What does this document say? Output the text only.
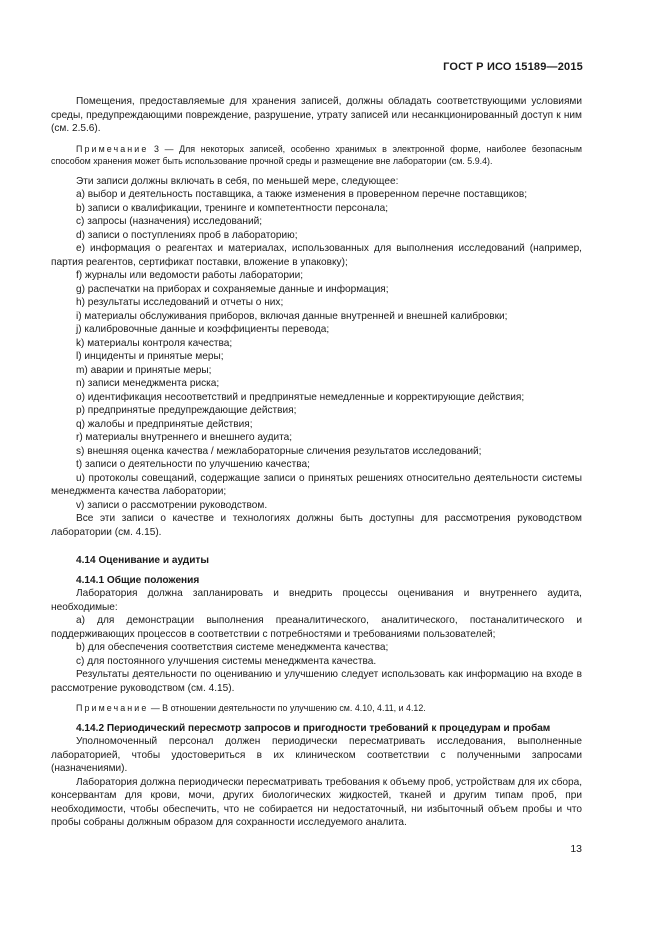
ГОСТ Р ИСО 15189—2015

Помещения, предоставляемые для хранения записей, должны обладать соответствующими условиями среды, предупреждающими повреждение, разрушение, утрату записей или несанкционированный доступ к ним (см. 2.5.6).

Примечание 3 — Для некоторых записей, особенно хранимых в электронной форме, наиболее безопасным способом хранения может быть использование прочной среды и размещение вне лаборатории (см. 5.9.4).

Эти записи должны включать в себя, по меньшей мере, следующее:

a) выбор и деятельность поставщика, а также изменения в проверенном перечне поставщиков;

b) записи о квалификации, тренинге и компетентности персонала;

c) запросы (назначения) исследований;

d) записи о поступлениях проб в лабораторию;

e) информация о реагентах и материалах, использованных для выполнения исследований (например, партия реагентов, сертификат поставки, вложение в упаковку);

f) журналы или ведомости работы лаборатории;

g) распечатки на приборах и сохраняемые данные и информация;

h) результаты исследований и отчеты о них;

i) материалы обслуживания приборов, включая данные внутренней и внешней калибровки;

j) калибровочные данные и коэффициенты перевода;

k) материалы контроля качества;

l) инциденты и принятые меры;

m) аварии и принятые меры;

n) записи менеджмента риска;

o) идентификация несоответствий и предпринятые немедленные и корректирующие действия;

p) предпринятые предупреждающие действия;

q) жалобы и предпринятые действия;

r) материалы внутреннего и внешнего аудита;

s) внешняя оценка качества / межлабораторные сличения результатов исследований;

t) записи о деятельности по улучшению качества;

u) протоколы совещаний, содержащие записи о принятых решениях относительно деятельности системы менеджмента качества лаборатории;

v) записи о рассмотрении руководством.

Все эти записи о качестве и технологиях должны быть доступны для рассмотрения руководством лаборатории (см. 4.15).

4.14 Оценивание и аудиты

4.14.1 Общие положения

Лаборатория должна запланировать и внедрить процессы оценивания и внутреннего аудита, необходимые:

a) для демонстрации выполнения преаналитического, аналитического, постаналитического и поддерживающих процессов в соответствии с потребностями и требованиями пользователей;

b) для обеспечения соответствия системе менеджмента качества;

c) для постоянного улучшения системы менеджмента качества.

Результаты деятельности по оцениванию и улучшению следует использовать как информацию на входе в рассмотрение руководством (см. 4.15).

Примечание — В отношении деятельности по улучшению см. 4.10, 4.11, и 4.12.

4.14.2 Периодический пересмотр запросов и пригодности требований к процедурам и пробам

Уполномоченный персонал должен периодически пересматривать исследования, выполненные лабораторией, чтобы удостовериться в их клиническом соответствии с полученными запросами (назначениями).

Лаборатория должна периодически пересматривать требования к объему проб, устройствам для их сбора, консервантам для крови, мочи, других биологических жидкостей, тканей и другим типам проб, при необходимости, чтобы обеспечить, что не собирается ни недостаточный, ни избыточный объем пробы и что пробы собраны должным образом для сохранности исследуемого аналита.

13
